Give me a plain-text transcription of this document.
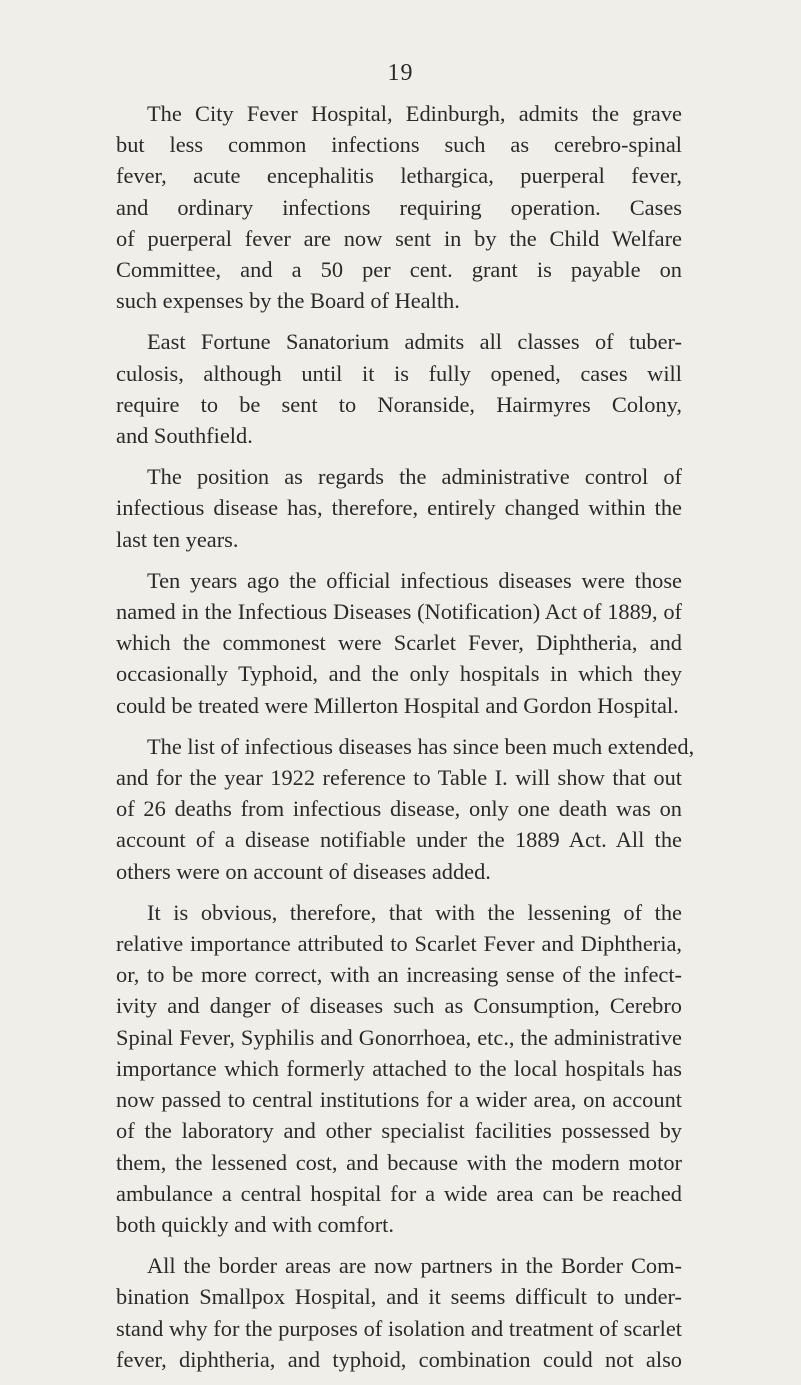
19

The City Fever Hospital, Edinburgh, admits the grave
but less common infections such as cerebro-spinal
fever, acute encephalitis lethargica, puerperal fever,
and ordinary infections requiring operation. Cases
of puerperal fever are now sent in by the Child Welfare
Committee, and a 50 per cent. grant is payable on
such expenses by the Board of Health.

East Fortune Sanatorium admits all classes of tuber-
culosis, although until it is fully opened, cases will
require to be sent to Noranside, Hairmyres Colony,
and Southfield.

The position as regards the administrative control of
infectious disease has, therefore, entirely changed within the
last ten years.

Ten years ago the official infectious diseases were those
named in the Infectious Diseases (Notification) Act of 1889, of
which the commonest were Scarlet Fever, Diphtheria, and
occasionally Typhoid, and the only hospitals in which they
could be treated were Millerton Hospital and Gordon Hospital.

The list of infectious diseases has since been much extended,
and for the year 1922 reference to Table I. will show that out
of 26 deaths from infectious disease, only one death was on
account of a disease notifiable under the 1889 Act. All the
others were on account of diseases added.

It is obvious, therefore, that with the lessening of the
relative importance attributed to Scarlet Fever and Diphtheria,
or, to be more correct, with an increasing sense of the infect-
ivity and danger of diseases such as Consumption, Cerebro
Spinal Fever, Syphilis and Gonorrhoea, etc., the administrative
importance which formerly attached to the local hospitals has
now passed to central institutions for a wider area, on account
of the laboratory and other specialist facilities possessed by
them, the lessened cost, and because with the modern motor
ambulance a central hospital for a wide area can be reached
both quickly and with comfort.

All the border areas are now partners in the Border Com-
bination Smallpox Hospital, and it seems difficult to under-
stand why for the purposes of isolation and treatment of scarlet
fever, diphtheria, and typhoid, combination could not also
